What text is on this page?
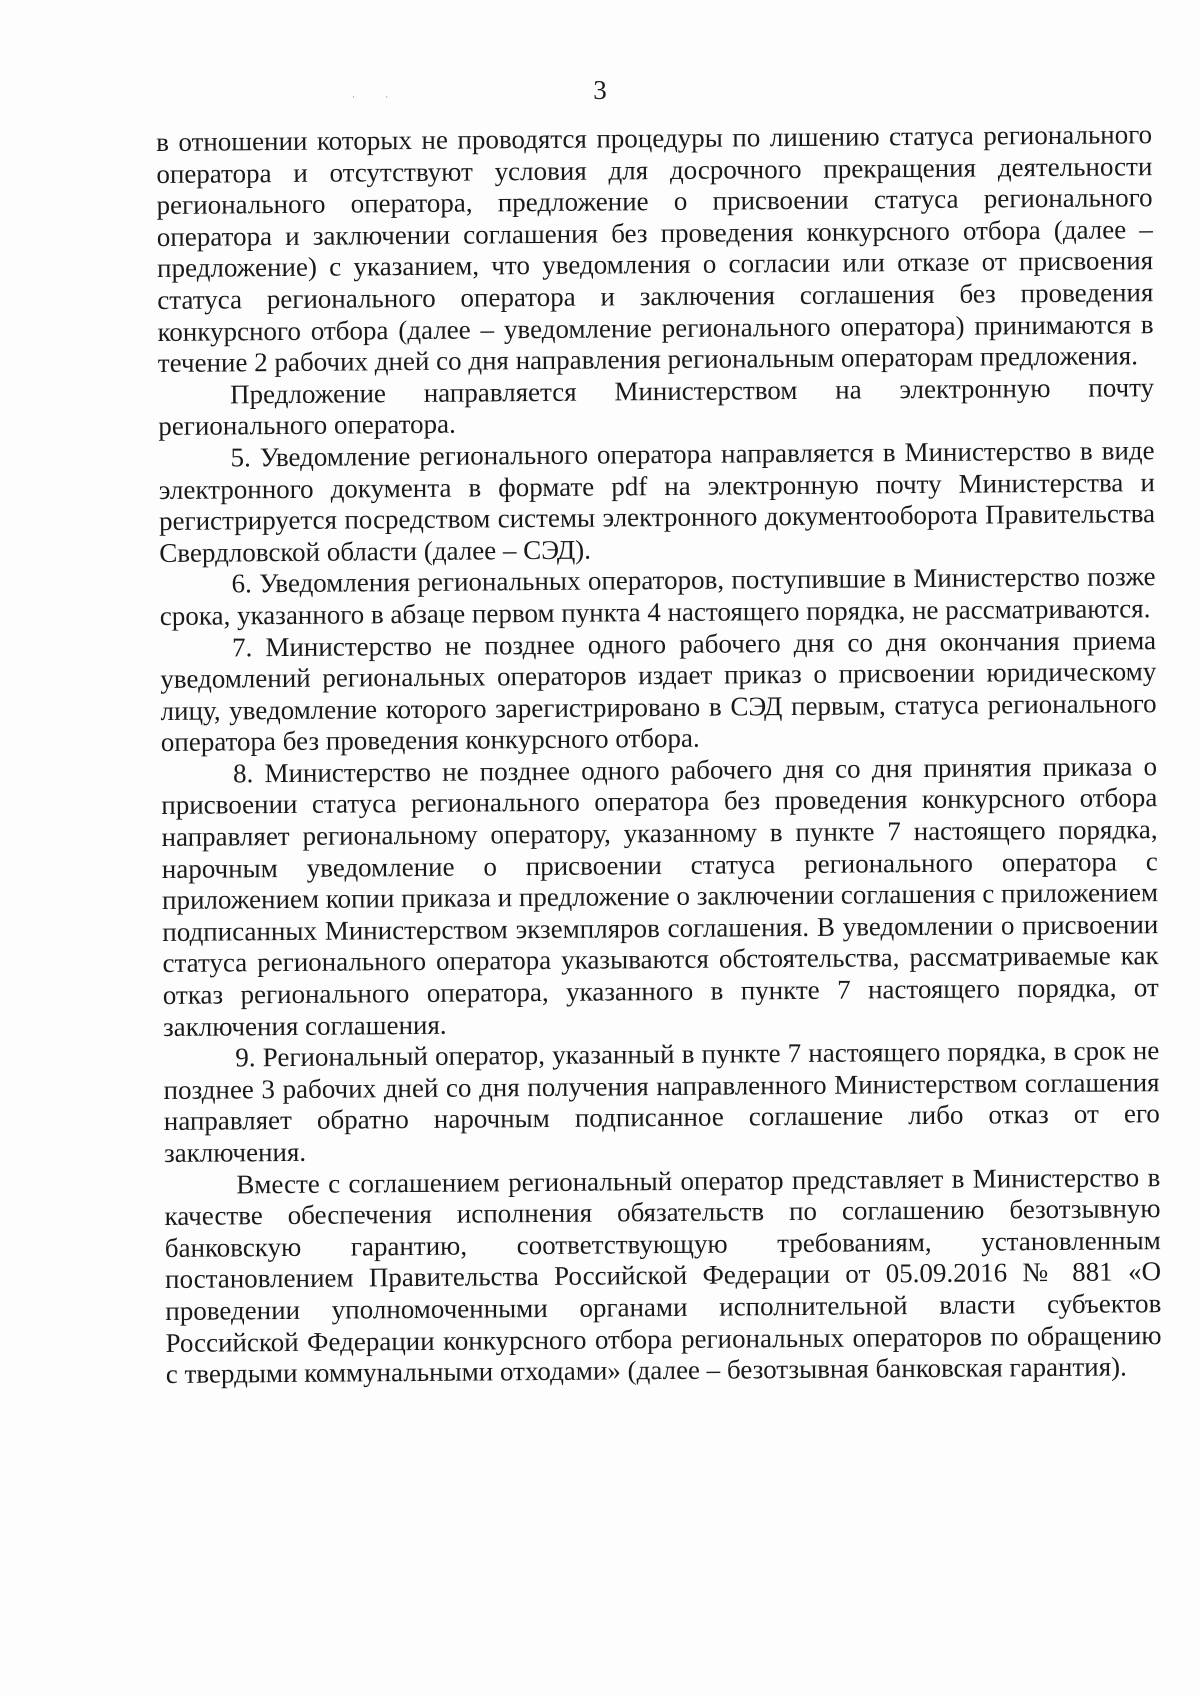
3
· ·

в отношении которых не проводятся процедуры по лишению статуса регионального оператора и отсутствуют условия для досрочного прекращения деятельности регионального оператора, предложение о присвоении статуса регионального оператора и заключении соглашения без проведения конкурсного отбора (далее – предложение) с указанием, что уведомления о согласии или отказе от присвоения статуса регионального оператора и заключения соглашения без проведения конкурсного отбора (далее – уведомление регионального оператора) принимаются в течение 2 рабочих дней со дня направления региональным операторам предложения.

Предложение направляется Министерством на электронную почту регионального оператора.

5. Уведомление регионального оператора направляется в Министерство в виде электронного документа в формате pdf на электронную почту Министерства и регистрируется посредством системы электронного документооборота Правительства Свердловской области (далее – СЭД).

6. Уведомления региональных операторов, поступившие в Министерство позже срока, указанного в абзаце первом пункта 4 настоящего порядка, не рассматриваются.

7. Министерство не позднее одного рабочего дня со дня окончания приема уведомлений региональных операторов издает приказ о присвоении юридическому лицу, уведомление которого зарегистрировано в СЭД первым, статуса регионального оператора без проведения конкурсного отбора.

8. Министерство не позднее одного рабочего дня со дня принятия приказа о присвоении статуса регионального оператора без проведения конкурсного отбора направляет региональному оператору, указанному в пункте 7 настоящего порядка, нарочным уведомление о присвоении статуса регионального оператора с приложением копии приказа и предложение о заключении соглашения с приложением подписанных Министерством экземпляров соглашения. В уведомлении о присвоении статуса регионального оператора указываются обстоятельства, рассматриваемые как отказ регионального оператора, указанного в пункте 7 настоящего порядка, от заключения соглашения.

9. Региональный оператор, указанный в пункте 7 настоящего порядка, в срок не позднее 3 рабочих дней со дня получения направленного Министерством соглашения направляет обратно нарочным подписанное соглашение либо отказ от его заключения.

Вместе с соглашением региональный оператор представляет в Министерство в качестве обеспечения исполнения обязательств по соглашению безотзывную банковскую гарантию, соответствующую требованиям, установленным постановлением Правительства Российской Федерации от 05.09.2016 № 881 «О проведении уполномоченными органами исполнительной власти субъектов Российской Федерации конкурсного отбора региональных операторов по обращению с твердыми коммунальными отходами» (далее – безотзывная банковская гарантия).
